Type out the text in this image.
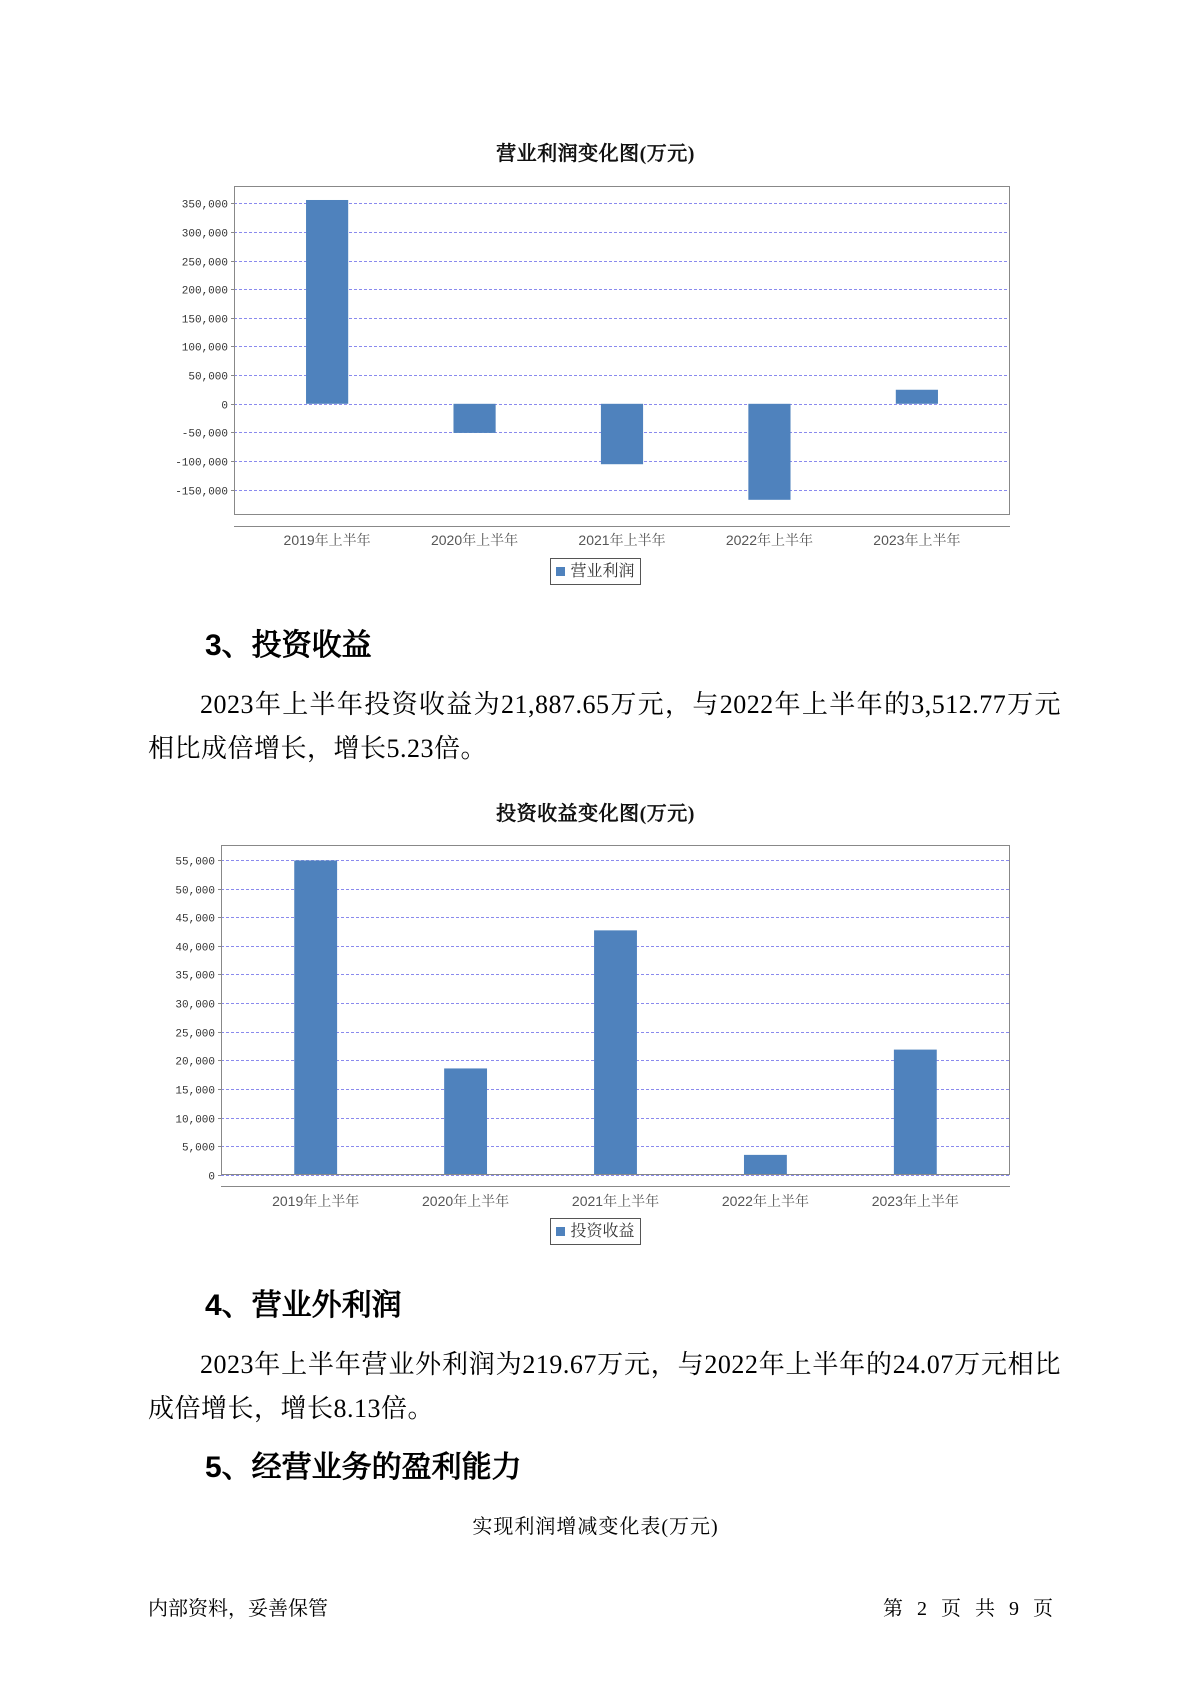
营业利润变化图(万元)
350,000
300,000
250,000
200,000
150,000
100,000
50,000
0
-50,000
-100,000
-150,000
2019年上半年	2020年上半年	2021年上半年	2022年上半年	2023年上半年
营业利润
3、投资收益
2023年上半年投资收益为21,887.65万元，与2022年上半年的3,512.77万元相比成倍增长，增长5.23倍。
投资收益变化图(万元)
55,000
50,000
45,000
40,000
35,000
30,000
25,000
20,000
15,000
10,000
5,000
0
2019年上半年	2020年上半年	2021年上半年	2022年上半年	2023年上半年
投资收益
4、营业外利润
2023年上半年营业外利润为219.67万元，与2022年上半年的24.07万元相比成倍增长，增长8.13倍。
5、经营业务的盈利能力
实现利润增减变化表(万元)
内部资料，妥善保管	第 2 页 共 9 页
